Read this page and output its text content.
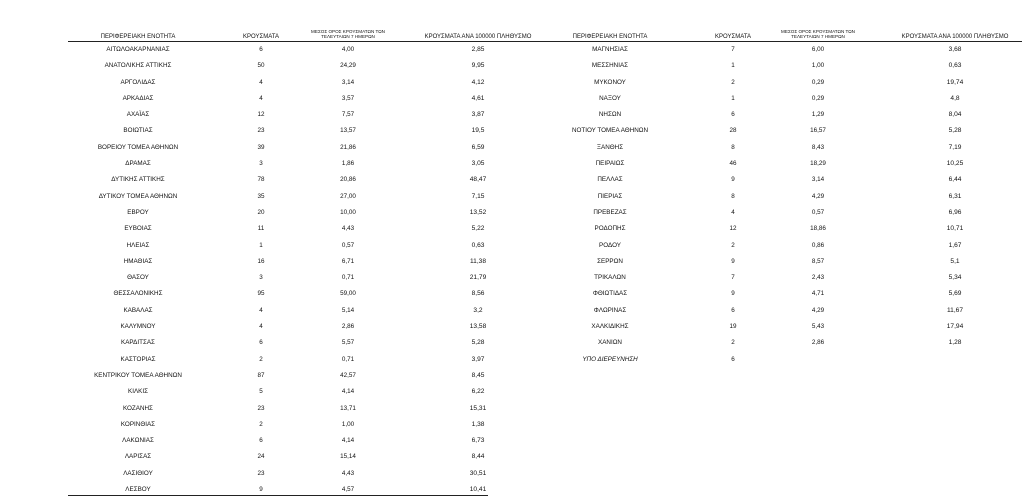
ΠΕΡΙΦΕΡΕΙΑΚΗ ΕΝΟΤΗΤΑ	ΚΡΟΥΣΜΑΤΑ
ΜΕΣΟΣ ΟΡΟΣ ΚΡΟΥΣΜΑΤΩΝ ΤΩΝ
ΤΕΛΕΥΤΑΙΩΝ 7 ΗΜΕΡΩΝ	ΚΡΟΥΣΜΑΤΑ ΑΝΑ 100000 ΠΛΗΘΥΣΜΟ
ΑΙΤΩΛΟΑΚΑΡΝΑΝΙΑΣ	6	4,00	2,85
ΑΝΑΤΟΛΙΚΗΣ ΑΤΤΙΚΗΣ	50	24,29	9,95
ΑΡΓΟΛΙΔΑΣ	4	3,14	4,12
ΑΡΚΑΔΙΑΣ	4	3,57	4,61
ΑΧΑΪΑΣ	12	7,57	3,87
ΒΟΙΩΤΙΑΣ	23	13,57	19,5
ΒΟΡΕΙΟΥ ΤΟΜΕΑ ΑΘΗΝΩΝ	39	21,86	6,59
ΔΡΑΜΑΣ	3	1,86	3,05
ΔΥΤΙΚΗΣ ΑΤΤΙΚΗΣ	78	20,86	48,47
ΔΥΤΙΚΟΥ ΤΟΜΕΑ ΑΘΗΝΩΝ	35	27,00	7,15
ΕΒΡΟΥ	20	10,00	13,52
ΕΥΒΟΙΑΣ	11	4,43	5,22
ΗΛΕΙΑΣ	1	0,57	0,63
ΗΜΑΘΙΑΣ	16	6,71	11,38
ΘΑΣΟΥ	3	0,71	21,79
ΘΕΣΣΑΛΟΝΙΚΗΣ	95	59,00	8,56
ΚΑΒΑΛΑΣ	4	5,14	3,2
ΚΑΛΥΜΝΟΥ	4	2,86	13,58
ΚΑΡΔΙΤΣΑΣ	6	5,57	5,28
ΚΑΣΤΟΡΙΑΣ	2	0,71	3,97
ΚΕΝΤΡΙΚΟΥ ΤΟΜΕΑ ΑΘΗΝΩΝ	87	42,57	8,45
ΚΙΛΚΙΣ	5	4,14	6,22
ΚΟΖΑΝΗΣ	23	13,71	15,31
ΚΟΡΙΝΘΙΑΣ	2	1,00	1,38
ΛΑΚΩΝΙΑΣ	6	4,14	6,73
ΛΑΡΙΣΑΣ	24	15,14	8,44
ΛΑΣΙΘΙΟΥ	23	4,43	30,51
ΛΕΣΒΟΥ	9	4,57	10,41
ΠΕΡΙΦΕΡΕΙΑΚΗ ΕΝΟΤΗΤΑ	ΚΡΟΥΣΜΑΤΑ
ΜΕΣΟΣ ΟΡΟΣ ΚΡΟΥΣΜΑΤΩΝ ΤΩΝ
ΤΕΛΕΥΤΑΙΩΝ 7 ΗΜΕΡΩΝ	ΚΡΟΥΣΜΑΤΑ ΑΝΑ 100000 ΠΛΗΘΥΣΜΟ
ΜΑΓΝΗΣΙΑΣ	7	6,00	3,68
ΜΕΣΣΗΝΙΑΣ	1	1,00	0,63
ΜΥΚΟΝΟΥ	2	0,29	19,74
ΝΑΞΟΥ	1	0,29	4,8
ΝΗΣΩΝ	6	1,29	8,04
ΝΟΤΙΟΥ ΤΟΜΕΑ ΑΘΗΝΩΝ	28	16,57	5,28
ΞΑΝΘΗΣ	8	8,43	7,19
ΠΕΙΡΑΙΩΣ	46	18,29	10,25
ΠΕΛΛΑΣ	9	3,14	6,44
ΠΙΕΡΙΑΣ	8	4,29	6,31
ΠΡΕΒΕΖΑΣ	4	0,57	6,96
ΡΟΔΟΠΗΣ	12	18,86	10,71
ΡΟΔΟΥ	2	0,86	1,67
ΣΕΡΡΩΝ	9	8,57	5,1
ΤΡΙΚΑΛΩΝ	7	2,43	5,34
ΦΘΙΩΤΙΔΑΣ	9	4,71	5,69
ΦΛΩΡΙΝΑΣ	6	4,29	11,67
ΧΑΛΚΙΔΙΚΗΣ	19	5,43	17,94
ΧΑΝΙΩΝ	2	2,86	1,28
ΥΠΟ ΔΙΕΡΕΥΝΗΣΗ	6
